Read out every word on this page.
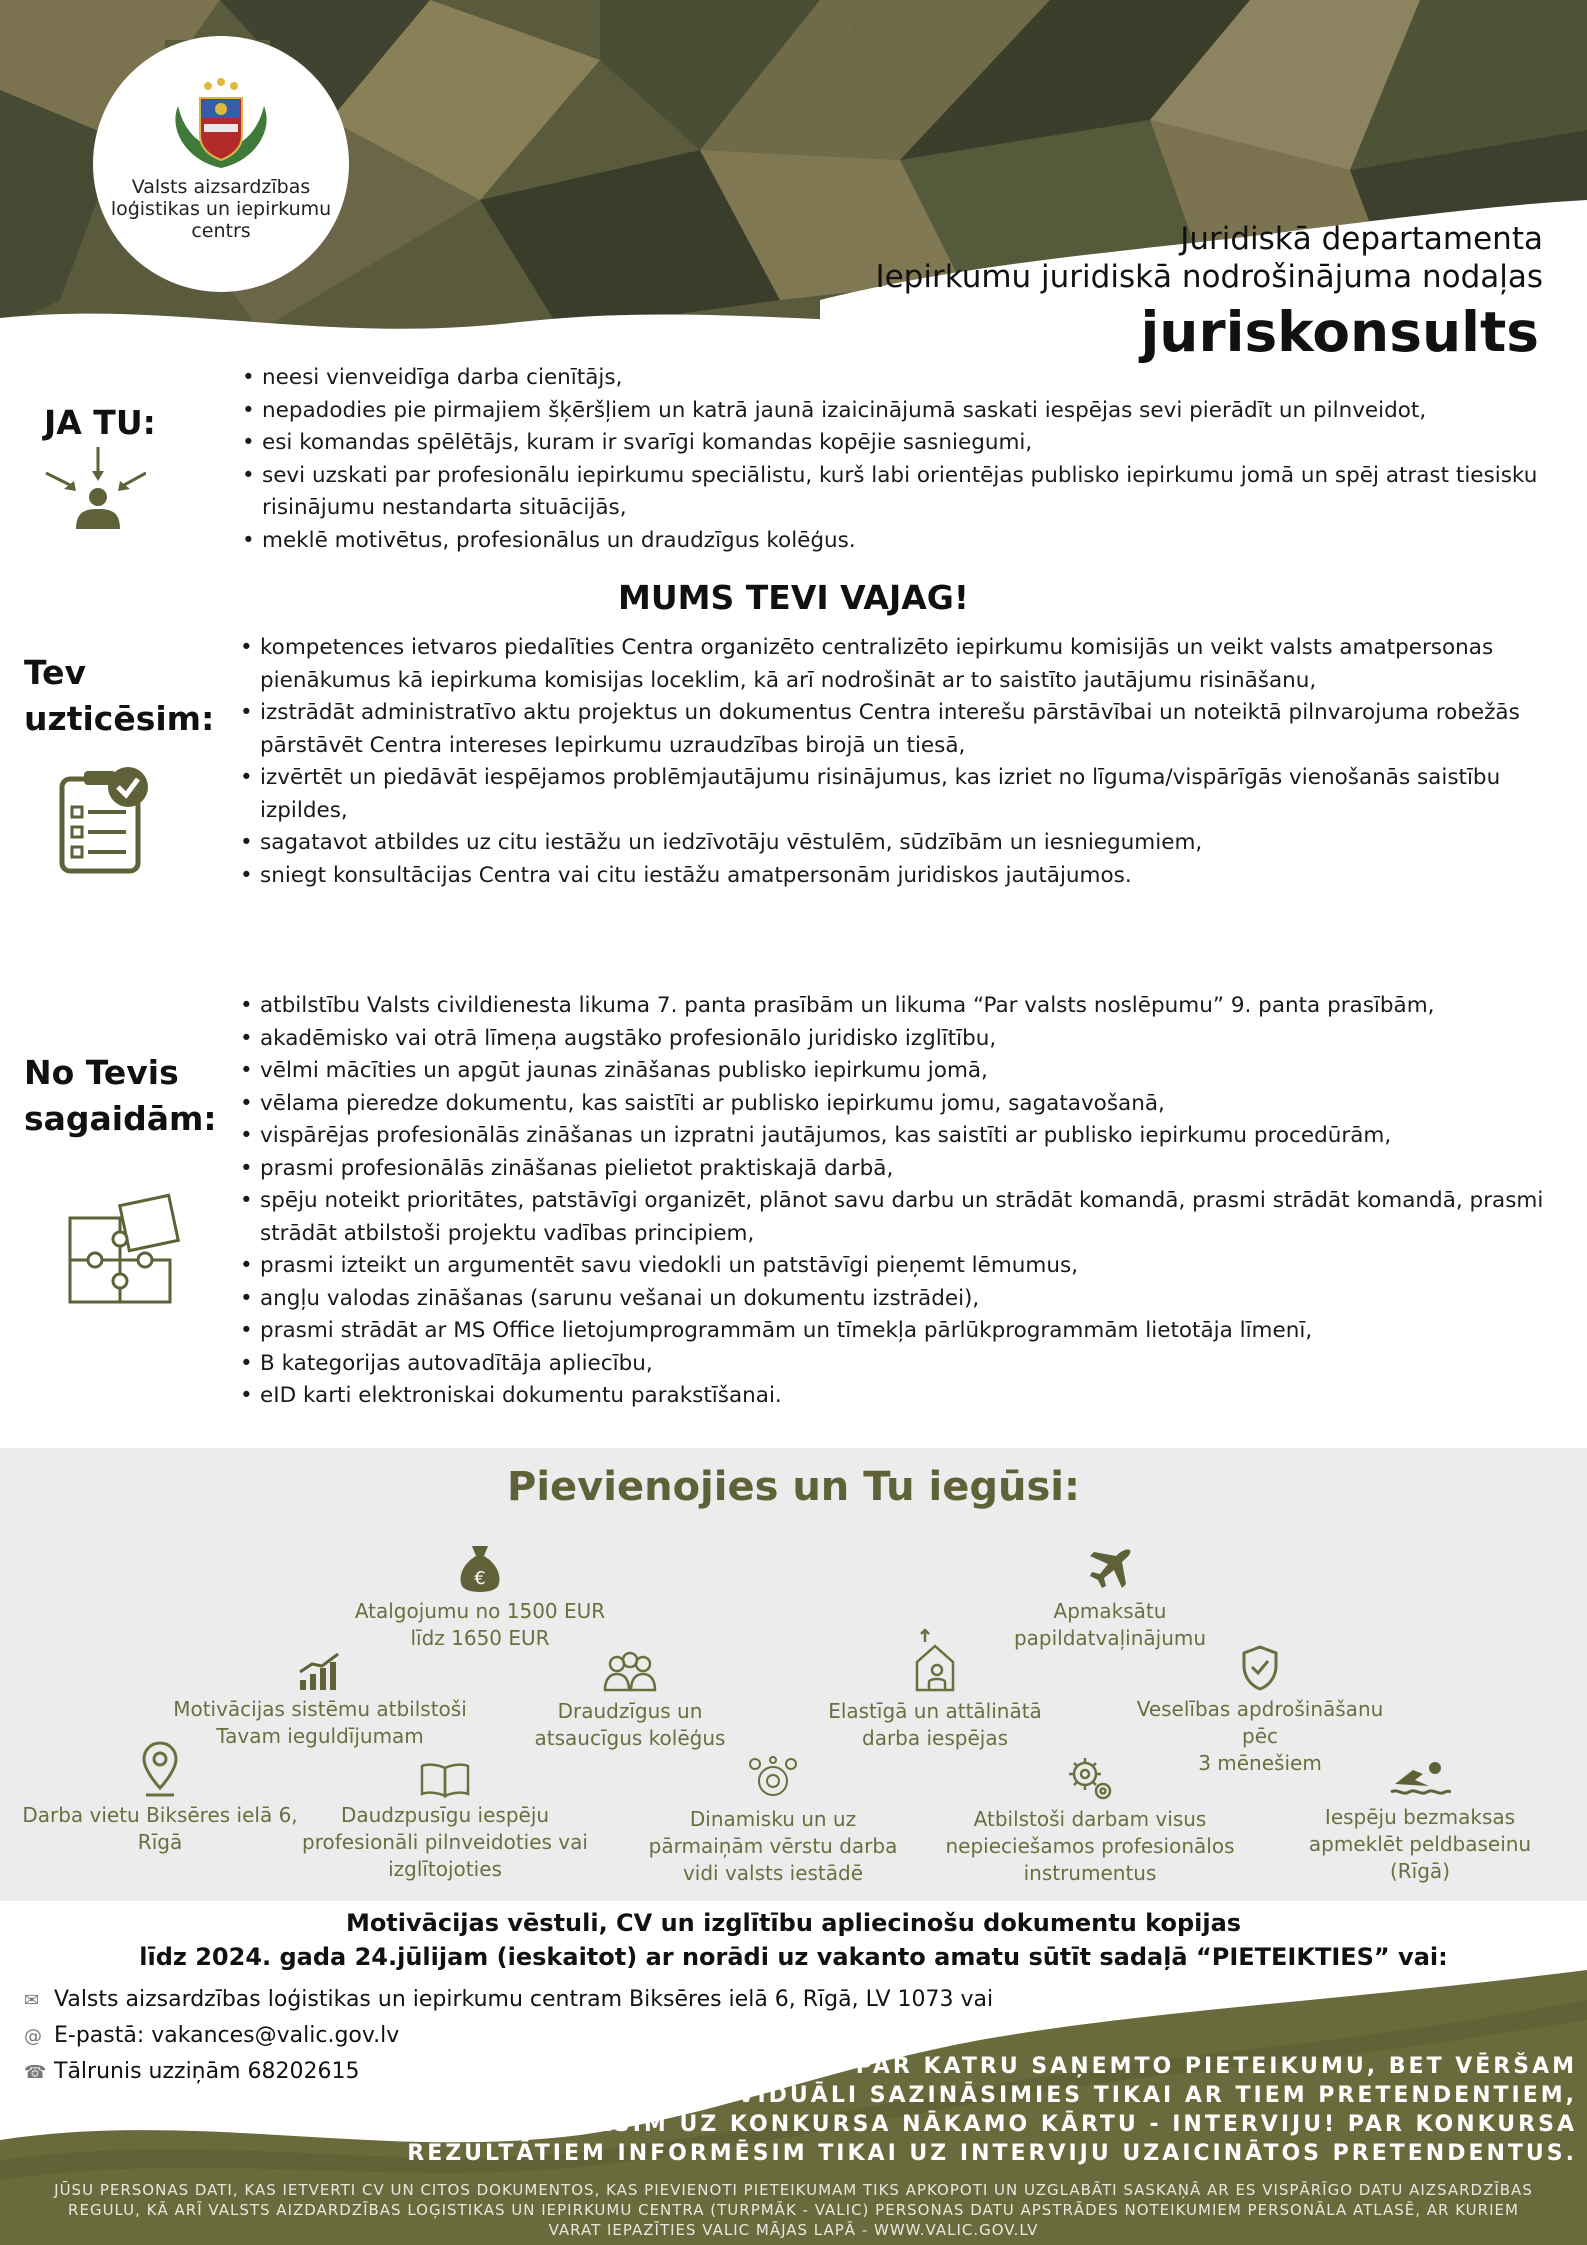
NBS
Valsts aizsardzības
loģistikas un iepirkumu
centrs	Juridiskā departamenta
Iepirkumu juridiskā nodrošinājuma nodaļas
juriskonsults
JA TU:
• neesi vienveidīga darba cienītājs,
• nepadodies pie pirmajiem šķēršļiem un katrā jaunā izaicinājumā saskati iespējas sevi pierādīt un pilnveidot,
• esi komandas spēlētājs, kuram ir svarīgi komandas kopējie sasniegumi,
• sevi uzskati par profesionālu iepirkumu speciālistu, kurš labi orientējas publisko iepirkumu jomā un spēj atrast tiesisku risinājumu nestandarta situācijās,
• meklē motivētus, profesionālus un draudzīgus kolēģus.
MUMS TEVI VAJAG!
Tev
uzticēsim:
• kompetences ietvaros piedalīties Centra organizēto centralizēto iepirkumu komisijās un veikt valsts amatpersonas pienākumus kā iepirkuma komisijas loceklim, kā arī nodrošināt ar to saistīto jautājumu risināšanu,
• izstrādāt administratīvo aktu projektus un dokumentus Centra interešu pārstāvībai un noteiktā pilnvarojuma robežās pārstāvēt Centra intereses Iepirkumu uzraudzības birojā un tiesā,
• izvērtēt un piedāvāt iespējamos problēmjautājumu risinājumus, kas izriet no līguma/vispārīgās vienošanās saistību izpildes,
• sagatavot atbildes uz citu iestāžu un iedzīvotāju vēstulēm, sūdzībām un iesniegumiem,
• sniegt konsultācijas Centra vai citu iestāžu amatpersonām juridiskos jautājumos.
No Tevis
sagaidām:
• atbilstību Valsts civildienesta likuma 7. panta prasībām un likuma “Par valsts noslēpumu” 9. panta prasībām,
• akadēmisko vai otrā līmeņa augstāko profesionālo juridisko izglītību,
• vēlmi mācīties un apgūt jaunas zināšanas publisko iepirkumu jomā,
• vēlama pieredze dokumentu, kas saistīti ar publisko iepirkumu jomu, sagatavošanā,
• vispārējas profesionālās zināšanas un izpratni jautājumos, kas saistīti ar publisko iepirkumu procedūrām,
• prasmi profesionālās zināšanas pielietot praktiskajā darbā,
• spēju noteikt prioritātes, patstāvīgi organizēt, plānot savu darbu un strādāt komandā, prasmi strādāt komandā, prasmi strādāt atbilstoši projektu vadības principiem,
• prasmi izteikt un argumentēt savu viedokli un patstāvīgi pieņemt lēmumus,
• angļu valodas zināšanas (sarunu vešanai un dokumentu izstrādei),
• prasmi strādāt ar MS Office lietojumprogrammām un tīmekļa pārlūkprogrammām lietotāja līmenī,
• B kategorijas autovadītāja apliecību,
• eID karti elektroniskai dokumentu parakstīšanai.
Pievienojies un Tu iegūsi:
€
Atalgojumu no 1500 EUR
līdz 1650 EUR
Apmaksātu
papildatvaļinājumu
Motivācijas sistēmu atbilstoši
Tavam ieguldījumam
Draudzīgus un
atsaucīgus kolēģus
Elastīgā un attālinātā
darba iespējas
Veselības apdrošināšanu
pēc
3 mēnešiem
Darba vietu Biksēres ielā 6,
Rīgā
Daudzpusīgu iespēju
profesionāli pilnveidoties vai
izglītojoties
Dinamisku un uz
pārmaiņām vērstu darba
vidi valsts iestādē
Atbilstoši darbam visus
nepieciešamos profesionālos
instrumentus
Iespēju bezmaksas
apmeklēt peldbaseinu
(Rīgā)
Motivācijas vēstuli, CV un izglītību apliecinošu dokumentu kopijas
līdz 2024. gada 24.jūlijam (ieskaitot) ar norādi uz vakanto amatu sūtīt sadaļā “PIETEIKTIES” vai:
✉ Valsts aizsardzības loģistikas un iepirkumu centram Biksēres ielā 6, Rīgā, LV 1073 vai
@ E-pastā: vakances@valic.gov.lv
☎ Tālrunis uzziņām 68202615	PRIECĀJAMIES PAR KATRU SAŅEMTO PIETEIKUMU, BET VĒRŠAM
UZMANĪBU,KA INDIVIDUĀLI SAZINĀSIMIES TIKAI AR TIEM PRETENDENTIEM,
KURUS AICINĀSIM UZ KONKURSA NĀKAMO KĀRTU - INTERVIJU! PAR KONKURSA
REZULTĀTIEM INFORMĒSIM TIKAI UZ INTERVIJU UZAICINĀTOS PRETENDENTUS.
JŪSU PERSONAS DATI, KAS IETVERTI CV UN CITOS DOKUMENTOS, KAS PIEVIENOTI PIETEIKUMAM TIKS APKOPOTI UN UZGLABĀTI SASKAŅĀ AR ES VISPĀRĪGO DATU AIZSARDZĪBAS
REGULU, KĀ ARĪ VALSTS AIZDARDZĪBAS LOĢISTIKAS UN IEPIRKUMU CENTRA (TURPMĀK - VALIC) PERSONAS DATU APSTRĀDES NOTEIKUMIEM PERSONĀLA ATLASĒ, AR KURIEM
VARAT IEPAZĪTIES VALIC MĀJAS LAPĀ - WWW.VALIC.GOV.LV
